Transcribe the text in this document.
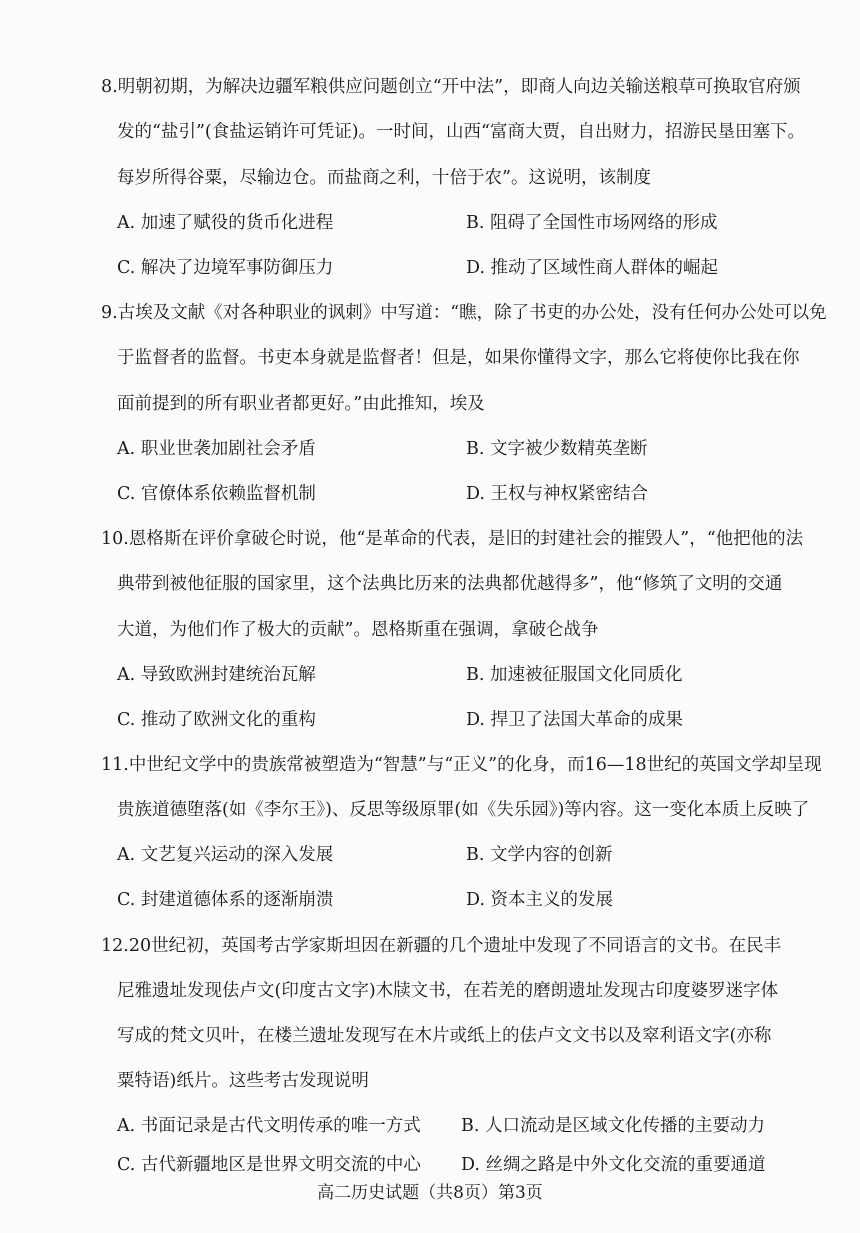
8.明朝初期，为解决边疆军粮供应问题创立“开中法”，即商人向边关输送粮草可换取官府颁
发的“盐引”(食盐运销许可凭证)。一时间，山西“富商大贾，自出财力，招游民垦田塞下。
每岁所得谷粟，尽输边仓。而盐商之利，十倍于农”。这说明，该制度
A. 加速了赋役的货币化进程	B. 阻碍了全国性市场网络的形成
C. 解决了边境军事防御压力	D. 推动了区域性商人群体的崛起
9.古埃及文献《对各种职业的讽刺》中写道：“瞧，除了书吏的办公处，没有任何办公处可以免
于监督者的监督。书吏本身就是监督者！但是，如果你懂得文字，那么它将使你比我在你
面前提到的所有职业者都更好。”由此推知，埃及
A. 职业世袭加剧社会矛盾	B. 文字被少数精英垄断
C. 官僚体系依赖监督机制	D. 王权与神权紧密结合
10.恩格斯在评价拿破仑时说，他“是革命的代表，是旧的封建社会的摧毁人”，“他把他的法
典带到被他征服的国家里，这个法典比历来的法典都优越得多”，他“修筑了文明的交通
大道，为他们作了极大的贡献”。恩格斯重在强调，拿破仑战争
A. 导致欧洲封建统治瓦解	B. 加速被征服国文化同质化
C. 推动了欧洲文化的重构	D. 捍卫了法国大革命的成果
11.中世纪文学中的贵族常被塑造为“智慧”与“正义”的化身，而16—18世纪的英国文学却呈现
贵族道德堕落(如《李尔王》)、反思等级原罪(如《失乐园》)等内容。这一变化本质上反映了
A. 文艺复兴运动的深入发展	B. 文学内容的创新
C. 封建道德体系的逐渐崩溃	D. 资本主义的发展
12.20世纪初，英国考古学家斯坦因在新疆的几个遗址中发现了不同语言的文书。在民丰
尼雅遗址发现佉卢文(印度古文字)木牍文书，在若羌的磨朗遗址发现古印度婆罗迷字体
写成的梵文贝叶，在楼兰遗址发现写在木片或纸上的佉卢文文书以及窣利语文字(亦称
粟特语)纸片。这些考古发现说明
A. 书面记录是古代文明传承的唯一方式 B. 人口流动是区域文化传播的主要动力
C. 古代新疆地区是世界文明交流的中心 D. 丝绸之路是中外文化交流的重要通道
高二历史试题（共8页）第3页
